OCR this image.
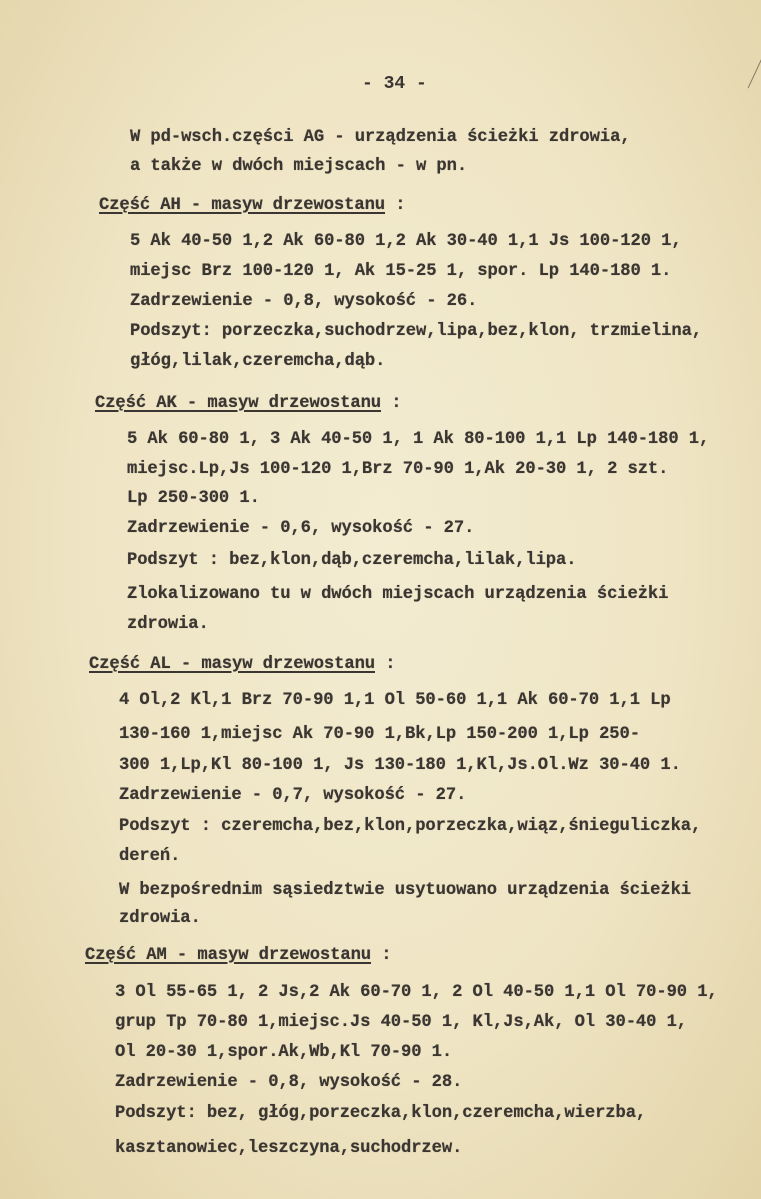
- 34 -
W pd-wsch.części AG - urządzenia ścieżki zdrowia,
a także w dwóch miejscach - w pn.
Część AH - masyw drzewostanu :
5 Ak 40-50 1,2 Ak 60-80 1,2 Ak 30-40 1,1 Js 100-120 1,
miejsc Brz 100-120 1, Ak 15-25 1, spor. Lp 140-180 1.
Zadrzewienie - 0,8, wysokość - 26.
Podszyt: porzeczka,suchodrzew,lipa,bez,klon, trzmielina,
głóg,lilak,czeremcha,dąb.
Część AK - masyw drzewostanu :
5 Ak 60-80 1, 3 Ak 40-50 1, 1 Ak 80-100 1,1 Lp 140-180 1,
miejsc.Lp,Js 100-120 1,Brz 70-90 1,Ak 20-30 1, 2 szt.
Lp 250-300 1.
Zadrzewienie - 0,6, wysokość - 27.
Podszyt : bez,klon,dąb,czeremcha,lilak,lipa.
Zlokalizowano tu w dwóch miejscach urządzenia ścieżki
zdrowia.
Część AL - masyw drzewostanu :
4 Ol,2 Kl,1 Brz 70-90 1,1 Ol 50-60 1,1 Ak 60-70 1,1 Lp
130-160 1,miejsc Ak 70-90 1,Bk,Lp 150-200 1,Lp 250-
300 1,Lp,Kl 80-100 1, Js 130-180 1,Kl,Js.Ol.Wz 30-40 1.
Zadrzewienie - 0,7, wysokość - 27.
Podszyt : czeremcha,bez,klon,porzeczka,wiąz,śnieguliczka,
dereń.
W bezpośrednim sąsiedztwie usytuowano urządzenia ścieżki
zdrowia.
Część AM - masyw drzewostanu :
3 Ol 55-65 1, 2 Js,2 Ak 60-70 1, 2 Ol 40-50 1,1 Ol 70-90 1,
grup Tp 70-80 1,miejsc.Js 40-50 1, Kl,Js,Ak, Ol 30-40 1,
Ol 20-30 1,spor.Ak,Wb,Kl 70-90 1.
Zadrzewienie - 0,8, wysokość - 28.
Podszyt: bez, głóg,porzeczka,klon,czeremcha,wierzba,
kasztanowiec,leszczyna,suchodrzew.
